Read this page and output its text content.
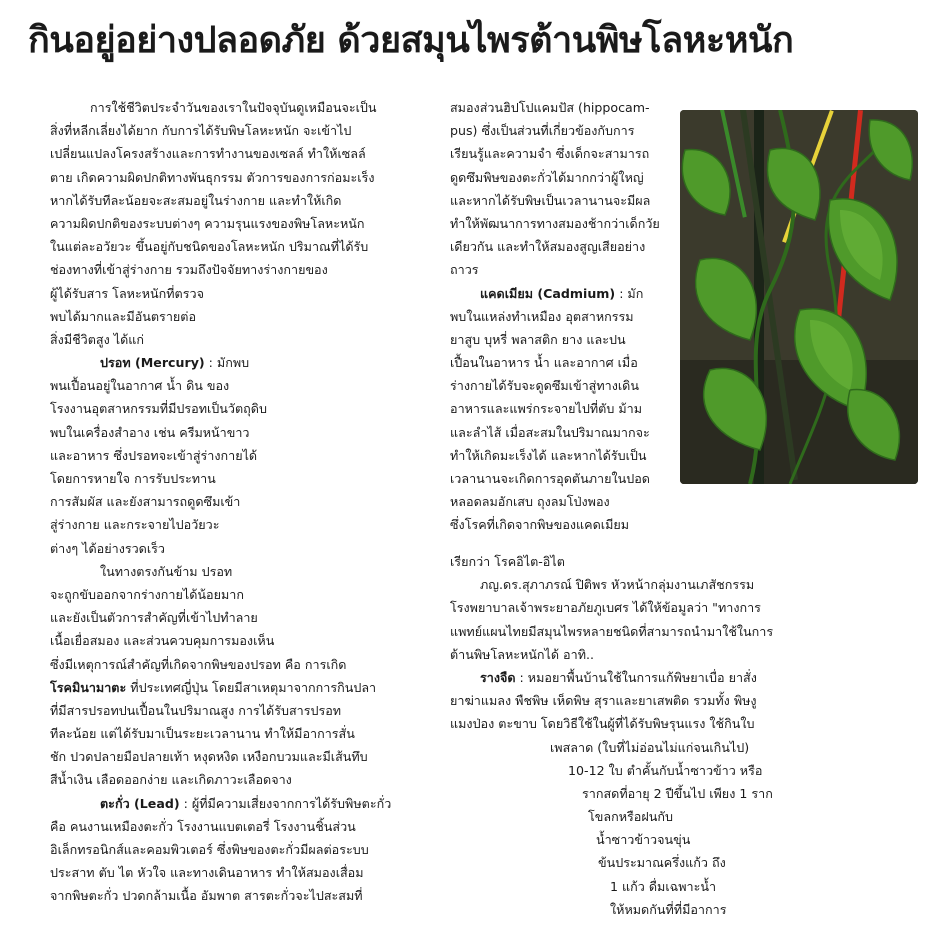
กินอยู่อย่างปลอดภัย ด้วยสมุนไพรต้านพิษโลหะหนัก
การใช้ชีวิตประจำวันของเราในปัจจุบันดูเหมือนจะเป็น
สิ่งที่หลีกเลี่ยงได้ยาก กับการได้รับพิษโลหะหนัก จะเข้าไป
เปลี่ยนแปลงโครงสร้างและการทำงานของเซลล์ ทำให้เซลล์
ตาย เกิดความผิดปกติทางพันธุกรรม ตัวการของการก่อมะเร็ง
หากได้รับทีละน้อยจะสะสมอยู่ในร่างกาย และทำให้เกิด
ความผิดปกติของระบบต่างๆ ความรุนแรงของพิษโลหะหนัก
ในแต่ละอวัยวะ ขึ้นอยู่กับชนิดของโลหะหนัก ปริมาณที่ได้รับ
ช่องทางที่เข้าสู่ร่างกาย รวมถึงปัจจัยทางร่างกายของ
ผู้ได้รับสาร โลหะหนักที่ตรวจ
พบได้มากและมีอันตรายต่อ
สิ่งมีชีวิตสูง ได้แก่
ปรอท (Mercury) : มักพบ
พนเปื้อนอยู่ในอากาศ น้ำ ดิน ของ
โรงงานอุตสาหกรรมที่มีปรอทเป็นวัตถุดิบ
พบในเครื่องสำอาง เช่น ครีมหน้าขาว
และอาหาร ซึ่งปรอทจะเข้าสู่ร่างกายได้
โดยการหายใจ การรับประทาน
การสัมผัส และยังสามารถดูดซึมเข้า
สู่ร่างกาย และกระจายไปอวัยวะ
ต่างๆ ได้อย่างรวดเร็ว
ในทางตรงกันข้าม ปรอท
จะถูกขับออกจากร่างกายได้น้อยมาก
และยังเป็นตัวการสำคัญที่เข้าไปทำลาย
เนื้อเยื่อสมอง และส่วนควบคุมการมองเห็น
ซึ่งมีเหตุการณ์สำคัญที่เกิดจากพิษของปรอท คือ การเกิด
โรคมินามาตะ ที่ประเทศญี่ปุ่น โดยมีสาเหตุมาจากการกินปลา
ที่มีสารปรอทปนเปื้อนในปริมาณสูง การได้รับสารปรอท
ทีละน้อย แต่ได้รับมาเป็นระยะเวลานาน ทำให้มีอาการสั่น
ชัก ปวดปลายมือปลายเท้า หงุดหงิด เหงือกบวมและมีเส้นทึบ
สีน้ำเงิน เลือดออกง่าย และเกิดภาวะเลือดจาง
ตะกั่ว (Lead) : ผู้ที่มีความเสี่ยงจากการได้รับพิษตะกั่ว
คือ คนงานเหมืองตะกั่ว โรงงานแบตเตอรี่ โรงงานชิ้นส่วน
อิเล็กทรอนิกส์และคอมพิวเตอร์ ซึ่งพิษของตะกั่วมีผลต่อระบบ
ประสาท ตับ ไต หัวใจ และทางเดินอาหาร ทำให้สมองเสื่อม
จากพิษตะกั่ว ปวดกล้ามเนื้อ อัมพาต สารตะกั่วจะไปสะสมที่
สมองส่วนฮิปโปแคมปัส (hippocam-
pus) ซึ่งเป็นส่วนที่เกี่ยวข้องกับการ
เรียนรู้และความจำ ซึ่งเด็กจะสามารถ
ดูดซึมพิษของตะกั่วได้มากกว่าผู้ใหญ่
และหากได้รับพิษเป็นเวลานานจะมีผล
ทำให้พัฒนาการทางสมองช้ากว่าเด็กวัย
เดียวกัน และทำให้สมองสูญเสียอย่าง
ถาวร
แคดเมียม (Cadmium) : มัก
พบในแหล่งทำเหมือง อุตสาหกรรม
ยาสูบ บุหรี่ พลาสติก ยาง และปน
เปื้อนในอาหาร น้ำ และอากาศ เมื่อ
ร่างกายได้รับจะดูดซึมเข้าสู่ทางเดิน
อาหารและแพร่กระจายไปที่ตับ ม้าม
และลำไส้ เมื่อสะสมในปริมาณมากจะ
ทำให้เกิดมะเร็งได้ และหากได้รับเป็น
เวลานานจะเกิดการอุดตันภายในปอด
หลอดลมอักเสบ ถุงลมโป่งพอง
ซึ่งโรคที่เกิดจากพิษของแคดเมียม
เรียกว่า โรคอิไต-อิไต
ภญ.ดร.สุภาภรณ์ ปิติพร หัวหน้ากลุ่มงานเภสัชกรรม
โรงพยาบาลเจ้าพระยาอภัยภูเบศร ได้ให้ข้อมูลว่า "ทางการ
แพทย์แผนไทยมีสมุนไพรหลายชนิดที่สามารถนำมาใช้ในการ
ต้านพิษโลหะหนักได้ อาทิ..
รางจืด : หมอยาพื้นบ้านใช้ในการแก้พิษยาเบื่อ ยาสั่ง
ยาฆ่าแมลง พืชพิษ เห็ดพิษ สุราและยาเสพติด รวมทั้ง พิษงู
แมงป่อง ตะขาบ โดยวิธีใช้ในผู้ที่ได้รับพิษรุนแรง ใช้กินใบ
เพสลาด (ใบที่ไม่อ่อนไม่แก่จนเกินไป)
10-12 ใบ ตำคั้นกับน้ำซาวข้าว หรือ
รากสดที่อายุ 2 ปีขึ้นไป เพียง 1 ราก
โขลกหรือฝนกับ
น้ำซาวข้าวจนขุ่น
ข้นประมาณครึ่งแก้ว ถึง
1 แก้ว ดื่มเฉพาะน้ำ
ให้หมดกันที่ที่มีอาการ
